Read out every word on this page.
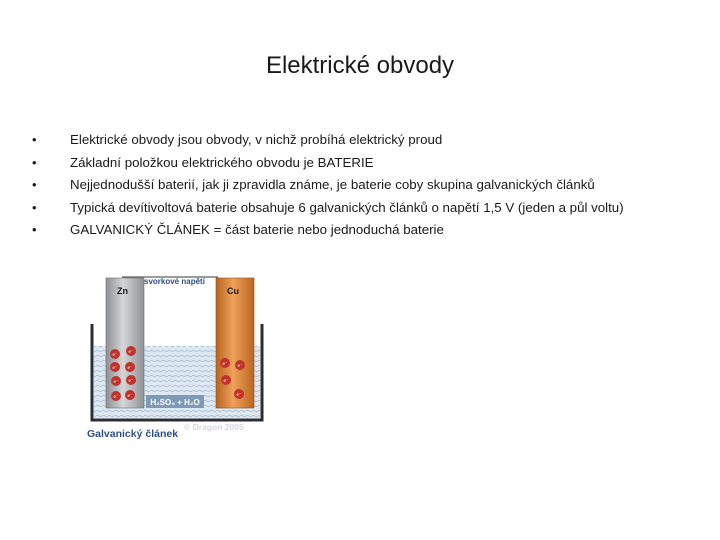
Elektrické obvody
•	Elektrické obvody jsou obvody, v nichž probíhá elektrický proud
•	Základní položkou elektrického obvodu je BATERIE
•	Nejjednodušší baterií, jak ji zpravidla známe, je baterie coby skupina galvanických článků
•	Typická devítivoltová baterie obsahuje 6 galvanických článků o napětí 1,5 V (jeden a půl voltu)
•	GALVANICKÝ ČLÁNEK = část baterie nebo jednoduchá baterie
svorkové napětí
Zn	Cu
e⁻
e⁻
e⁻ e⁻
e⁻ e⁻
e⁻ e⁻
e⁻ e⁻
e⁻
e⁻
H₂SO₄ + H₂O
Galvanický článek
© Dragon 2005
